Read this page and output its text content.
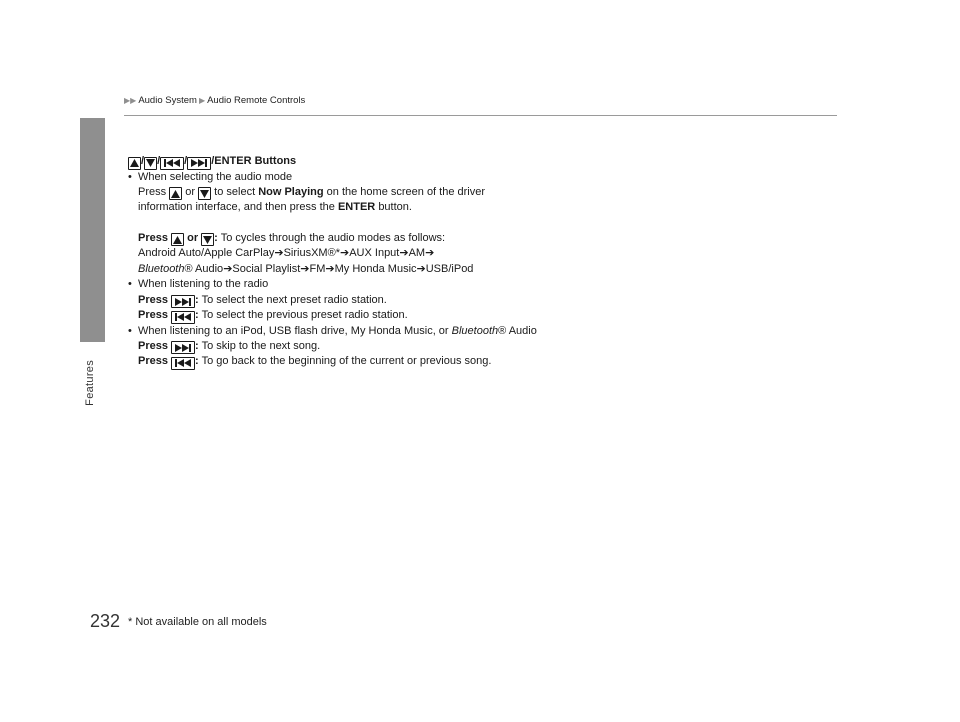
Features
▶▶ Audio System ▶ Audio Remote Controls
/ / / /ENTER Buttons
• When selecting the audio mode
Press or to select Now Playing on the home screen of the driver
information interface, and then press the ENTER button.
Press or : To cycles through the audio modes as follows:
Android Auto/Apple CarPlay➔SiriusXM®*➔AUX Input➔AM➔
Bluetooth® Audio➔Social Playlist➔FM➔My Honda Music➔USB/iPod
• When listening to the radio
Press : To select the next preset radio station.
Press : To select the previous preset radio station.
• When listening to an iPod, USB flash drive, My Honda Music, or Bluetooth® Audio
Press : To skip to the next song.
Press : To go back to the beginning of the current or previous song.
232 * Not available on all models
